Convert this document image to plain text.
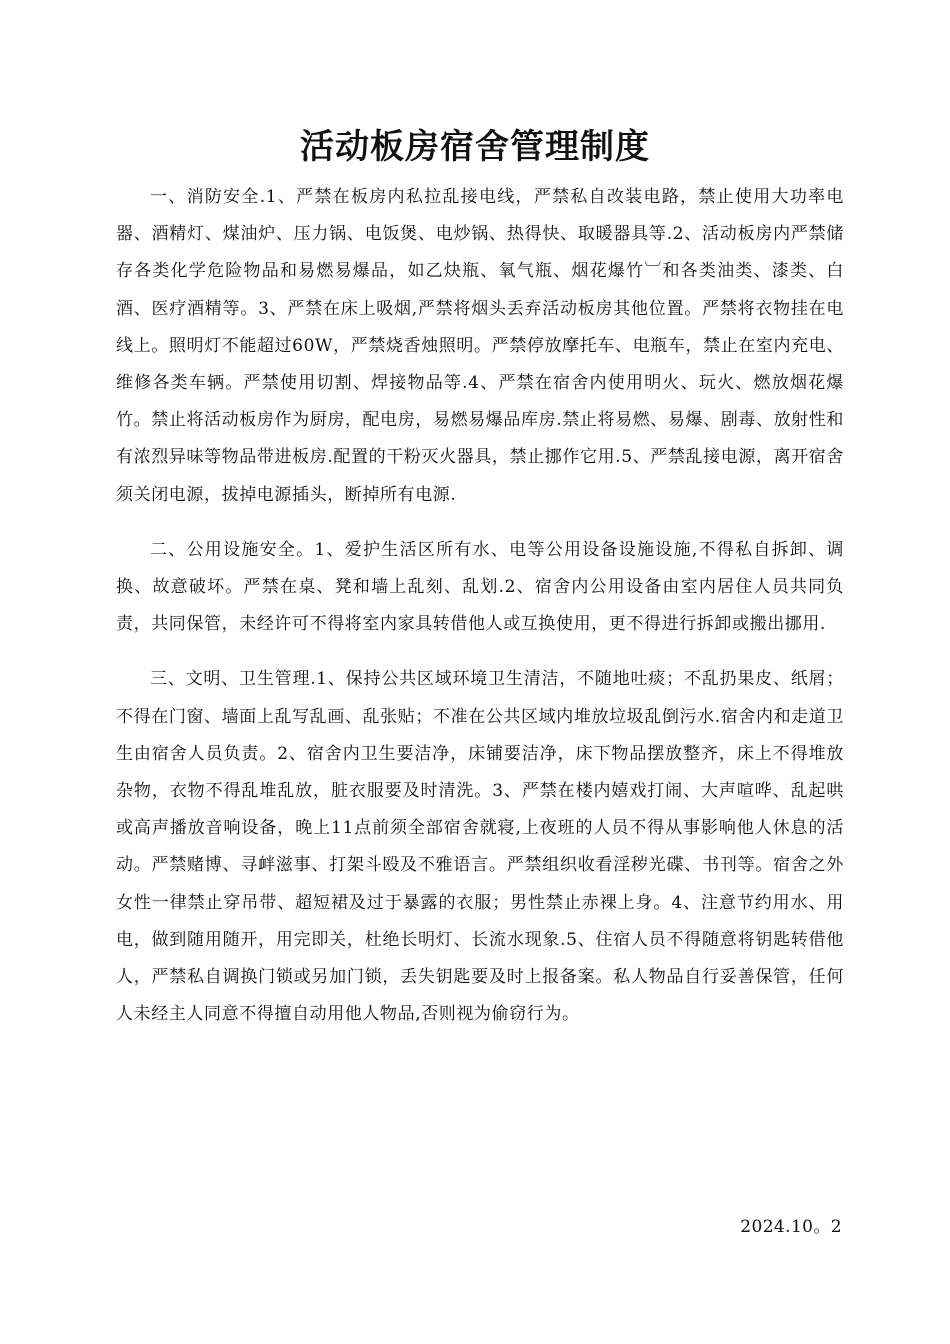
活动板房宿舍管理制度

一、消防安全.1、严禁在板房内私拉乱接电线，严禁私自改装电路，禁止使用大功率电器、酒精灯、煤油炉、压力锅、电饭煲、电炒锅、热得快、取暖器具等.2、活动板房内严禁储存各类化学危险物品和易燃易爆品，如乙炔瓶、氧气瓶、烟花爆竹︺和各类油类、漆类、白酒、医疗酒精等。3、严禁在床上吸烟,严禁将烟头丢弃活动板房其他位置。严禁将衣物挂在电线上。照明灯不能超过60W，严禁烧香烛照明。严禁停放摩托车、电瓶车，禁止在室内充电、维修各类车辆。严禁使用切割、焊接物品等.4、严禁在宿舍内使用明火、玩火、燃放烟花爆竹。禁止将活动板房作为厨房，配电房，易燃易爆品库房.禁止将易燃、易爆、剧毒、放射性和有浓烈异味等物品带进板房.配置的干粉灭火器具，禁止挪作它用.5、严禁乱接电源，离开宿舍须关闭电源，拔掉电源插头，断掉所有电源.

二、公用设施安全。1、爱护生活区所有水、电等公用设备设施设施,不得私自拆卸、调换、故意破坏。严禁在桌、凳和墙上乱刻、乱划.2、宿舍内公用设备由室内居住人员共同负责，共同保管，未经许可不得将室内家具转借他人或互换使用，更不得进行拆卸或搬出挪用.

三、文明、卫生管理.1、保持公共区域环境卫生清洁，不随地吐痰；不乱扔果皮、纸屑；不得在门窗、墙面上乱写乱画、乱张贴；不准在公共区域内堆放垃圾乱倒污水.宿舍内和走道卫生由宿舍人员负责。2、宿舍内卫生要洁净，床铺要洁净，床下物品摆放整齐，床上不得堆放杂物，衣物不得乱堆乱放，脏衣服要及时清洗。3、严禁在楼内嬉戏打闹、大声喧哗、乱起哄或高声播放音响设备，晚上11点前须全部宿舍就寝,上夜班的人员不得从事影响他人休息的活动。严禁赌博、寻衅滋事、打架斗殴及不雅语言。严禁组织收看淫秽光碟、书刊等。宿舍之外女性一律禁止穿吊带、超短裙及过于暴露的衣服；男性禁止赤裸上身。4、注意节约用水、用电，做到随用随开，用完即关，杜绝长明灯、长流水现象.5、住宿人员不得随意将钥匙转借他人，严禁私自调换门锁或另加门锁，丢失钥匙要及时上报备案。私人物品自行妥善保管，任何人未经主人同意不得擅自动用他人物品,否则视为偷窃行为。

2024.10。2
